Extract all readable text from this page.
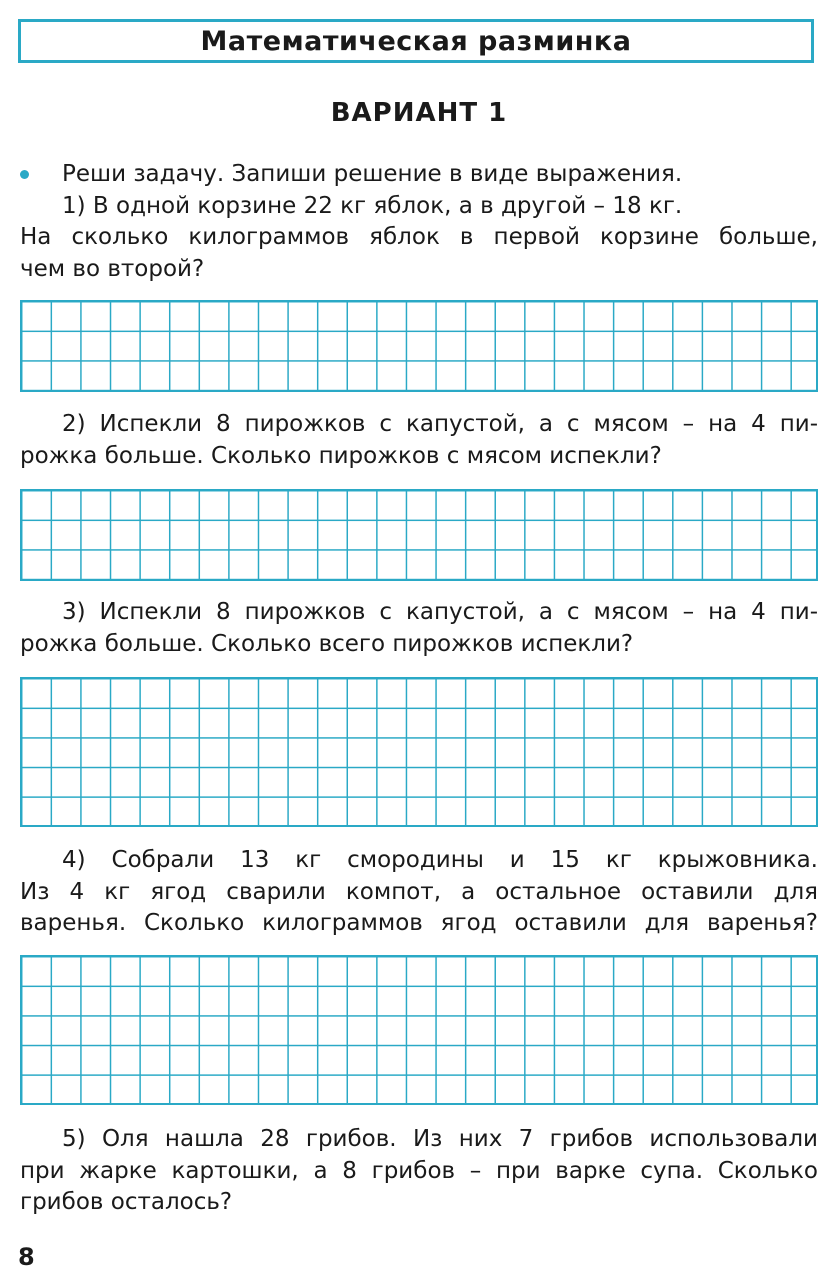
Математическая разминка
ВАРИАНТ 1
Реши задачу. Запиши решение в виде выражения.
1) В одной корзине 22 кг яблок, а в другой – 18 кг.
На сколько килограммов яблок в первой корзине больше,
чем во второй?
2) Испекли 8 пирожков с капустой, а с мясом – на 4 пи-
рожка больше. Сколько пирожков с мясом испекли?
3) Испекли 8 пирожков с капустой, а с мясом – на 4 пи-
рожка больше. Сколько всего пирожков испекли?
4) Собрали 13 кг смородины и 15 кг крыжовника.
Из 4 кг ягод сварили компот, а остальное оставили для
варенья. Сколько килограммов ягод оставили для варенья?
5) Оля нашла 28 грибов. Из них 7 грибов использовали
при жарке картошки, а 8 грибов – при варке супа. Сколько
грибов осталось?
8
